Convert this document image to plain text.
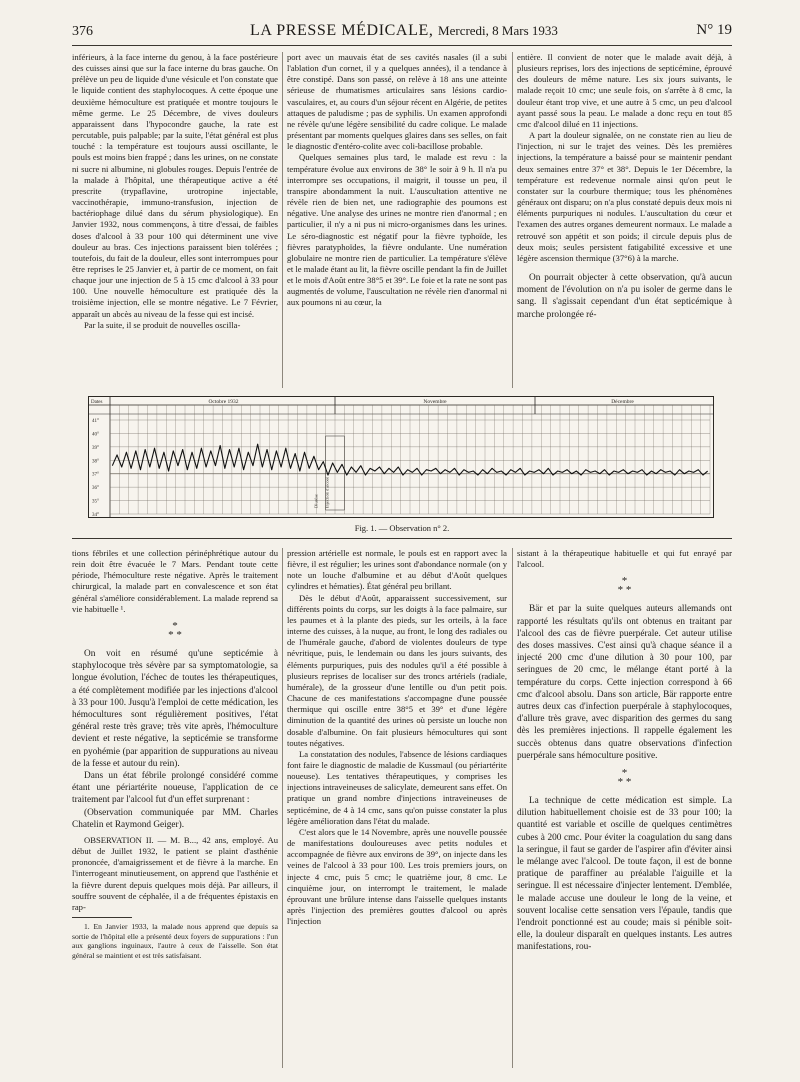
376	LA PRESSE MÉDICALE, Mercredi, 8 Mars 1933	N° 19

inférieurs, à la face interne du genou, à la face postérieure des cuisses ainsi que sur la face interne du bras gauche. On prélève un peu de liquide d'une vésicule et l'on constate que le liquide contient des staphylocoques. A cette époque une deuxième hémoculture est pratiquée et montre toujours le même germe. Le 25 Décembre, de vives douleurs apparaissent dans l'hypocondre gauche, la rate est percutable, puis palpable; par la suite, l'état général est plus touché : la température est toujours aussi oscillante, le pouls est moins bien frappé ; dans les urines, on ne constate ni sucre ni albumine, ni globules rouges. Depuis l'entrée de la malade à l'hôpital, une thérapeutique active a été prescrite (trypaflavine, urotropine injectable, vaccinothérapie, immuno-transfusion, injection de bactériophage dilué dans du sérum physiologique). En Janvier 1932, nous commençons, à titre d'essai, de faibles doses d'alcool à 33 pour 100 qui déterminent une vive douleur au bras. Ces injections paraissent bien tolérées ; toutefois, du fait de la douleur, elles sont interrompues pour être reprises le 25 Janvier et, à partir de ce moment, on fait chaque jour une injection de 5 à 15 cmc d'alcool à 33 pour 100. Une nouvelle hémoculture est pratiquée dès la troisième injection, elle se montre négative. Le 7 Février, apparaît un abcès au niveau de la fesse qui est incisé.

Par la suite, il se produit de nouvelles oscilla-

port avec un mauvais état de ses cavités nasales (il a subi l'ablation d'un cornet, il y a quelques années), il a tendance à être constipé. Dans son passé, on relève à 18 ans une atteinte sérieuse de rhumatismes articulaires sans lésions cardio-vasculaires, et, au cours d'un séjour récent en Algérie, de petites attaques de paludisme ; pas de syphilis. Un examen approfondi ne révèle qu'une légère sensibilité du cadre colique. Le malade présentant par moments quelques glaires dans ses selles, on fait le diagnostic d'entéro-colite avec coli-bacillose probable.

Quelques semaines plus tard, le malade est revu : la température évolue aux environs de 38° le soir à 9 h. Il n'a pu interrompre ses occupations, il maigrit, il tousse un peu, il transpire abondamment la nuit. L'auscultation attentive ne révèle rien de bien net, une radiographie des poumons est négative. Une analyse des urines ne montre rien d'anormal ; en particulier, il n'y a ni pus ni micro-organismes dans les urines. Le séro-diagnostic est négatif pour la fièvre typhoïde, les fièvres paratyphoïdes, la fièvre ondulante. Une numération globulaire ne montre rien de particulier. La température s'élève et le malade étant au lit, la fièvre oscille pendant la fin de Juillet et le mois d'Août entre 38°5 et 39°. Le foie et la rate ne sont pas augmentés de volume, l'auscultation ne révèle rien d'anormal ni aux poumons ni au cœur, la

entière. Il convient de noter que le malade avait déjà, à plusieurs reprises, lors des injections de septicémine, éprouvé des douleurs de même nature. Les six jours suivants, le malade reçoit 10 cmc; une seule fois, on s'arrête à 8 cmc, la douleur étant trop vive, et une autre à 5 cmc, un peu d'alcool ayant passé sous la peau. Le malade a donc reçu en tout 85 cmc d'alcool dilué en 11 injections.

A part la douleur signalée, on ne constate rien au lieu de l'injection, ni sur le trajet des veines. Dès les premières injections, la température a baissé pour se maintenir pendant deux semaines entre 37° et 38°. Depuis le 1er Décembre, la température est redevenue normale ainsi qu'on peut le constater sur la courbure thermique; tous les phénomènes généraux ont disparu; on n'a plus constaté depuis deux mois ni éléments purpuriques ni nodules. L'auscultation du cœur et l'examen des autres organes demeurent normaux. Le malade a retrouvé son appétit et son poids; il circule depuis plus de deux mois; seules persistent fatigabilité excessive et une légère ascension thermique (37°6) à la marche.

On pourrait objecter à cette observation, qu'à aucun moment de l'évolution on n'a pu isoler de germe dans le sang. Il s'agissait cependant d'un état septicémique à marche prolongée ré-

Dates	Octobre 1932	Novembre	Décembre
41°
40°
39°
38°
37°
36°
35°
34°
Injection d'alcool
Diurèse
Fig. 1. — Observation n° 2.

tions fébriles et une collection périnéphrétique autour du rein doit être évacuée le 7 Mars. Pendant toute cette période, l'hémoculture reste négative. Après le traitement chirurgical, la malade part en convalescence et son état général s'améliore considérablement. La malade reprend sa vie habituelle ¹.

*
* *

On voit en résumé qu'une septicémie à staphylocoque très sévère par sa symptomatologie, sa longue évolution, l'échec de toutes les thérapeutiques, a été complètement modifiée par les injections d'alcool à 33 pour 100. Jusqu'à l'emploi de cette médication, les hémocultures sont régulièrement positives, l'état général reste très grave; très vite après, l'hémoculture devient et reste négative, la septicémie se transforme en pyohémie (par apparition de suppurations au niveau de la fesse et autour du rein).

Dans un état fébrile prolongé considéré comme étant une périartérite noueuse, l'application de ce traitement par l'alcool fut d'un effet surprenant :

(Observation communiquée par MM. Charles Chatelin et Raymond Geiger).

OBSERVATION II. — M. B..., 42 ans, employé. Au début de Juillet 1932, le patient se plaint d'asthénie prononcée, d'amaigrissement et de fièvre à la marche. En l'interrogeant minutieusement, on apprend que l'asthénie et la fièvre durent depuis quelques mois déjà. Par ailleurs, il souffre souvent de céphalée, il a de fréquentes épistaxis en rap-

1. En Janvier 1933, la malade nous apprend que depuis sa sortie de l'hôpital elle a présenté deux foyers de suppurations : l'un aux ganglions inguinaux, l'autre à ceux de l'aisselle. Son état général se maintient et est très satisfaisant.

pression artérielle est normale, le pouls est en rapport avec la fièvre, il est régulier; les urines sont d'abondance normale (on y note un louche d'albumine et au début d'Août quelques cylindres et hématies). État général peu brillant.

Dès le début d'Août, apparaissent successivement, sur différents points du corps, sur les doigts à la face palmaire, sur les paumes et à la plante des pieds, sur les orteils, à la face interne des cuisses, à la nuque, au front, le long des radiales ou de l'humérale gauche, d'abord de violentes douleurs de type névritique, puis, le lendemain ou dans les jours suivants, des éléments purpuriques, puis des nodules qu'il a été possible à plusieurs reprises de localiser sur des troncs artériels (radiale, humérale), de la grosseur d'une lentille ou d'un petit pois. Chacune de ces manifestations s'accompagne d'une poussée thermique qui oscille entre 38°5 et 39° et d'une légère diminution de la quantité des urines où persiste un louche non dosable d'albumine. On fait plusieurs hémocultures qui sont toutes négatives.

La constatation des nodules, l'absence de lésions cardiaques font faire le diagnostic de maladie de Kussmaul (ou périartérite noueuse). Les tentatives thérapeutiques, y comprises les injections intraveineuses de salicylate, demeurent sans effet. On pratique un grand nombre d'injections intraveineuses de septicémine, de 4 à 14 cmc, sans qu'on puisse constater la plus légère amélioration dans l'état du malade.

C'est alors que le 14 Novembre, après une nouvelle poussée de manifestations douloureuses avec petits nodules et accompagnée de fièvre aux environs de 39°, on injecte dans les veines de l'alcool à 33 pour 100. Les trois premiers jours, on injecte 4 cmc, puis 5 cmc; le quatrième jour, 8 cmc. Le cinquième jour, on interrompt le traitement, le malade éprouvant une brûlure intense dans l'aisselle quelques instants après l'injection des premières gouttes d'alcool ou après l'injection

sistant à la thérapeutique habituelle et qui fut enrayé par l'alcool.

*
* *

Bär et par la suite quelques auteurs allemands ont rapporté les résultats qu'ils ont obtenus en traitant par l'alcool des cas de fièvre puerpérale. Cet auteur utilise des doses massives. C'est ainsi qu'à chaque séance il a injecté 200 cmc d'une dilution à 30 pour 100, par seringues de 20 cmc, le mélange étant porté à la température du corps. Cette injection correspond à 66 cmc d'alcool absolu. Dans son article, Bär rapporte entre autres deux cas d'infection puerpérale à staphylocoques, d'allure très grave, avec disparition des germes du sang dès les premières injections. Il rappelle également les succès obtenus dans quatre observations d'infection puerpérale sans hémoculture positive.

*
* *

La technique de cette médication est simple. La dilution habituellement choisie est de 33 pour 100; la quantité est variable et oscille de quelques centimètres cubes à 200 cmc. Pour éviter la coagulation du sang dans la seringue, il faut se garder de l'aspirer afin d'éviter ainsi le mélange avec l'alcool. De toute façon, il est de bonne pratique de paraffiner au préalable l'aiguille et la seringue. Il est nécessaire d'injecter lentement. D'emblée, le malade accuse une douleur le long de la veine, et souvent localise cette sensation vers l'épaule, tandis que l'endroit ponctionné est au coude; mais si pénible soit-elle, la douleur disparaît en quelques instants. Les autres manifestations, rou-
